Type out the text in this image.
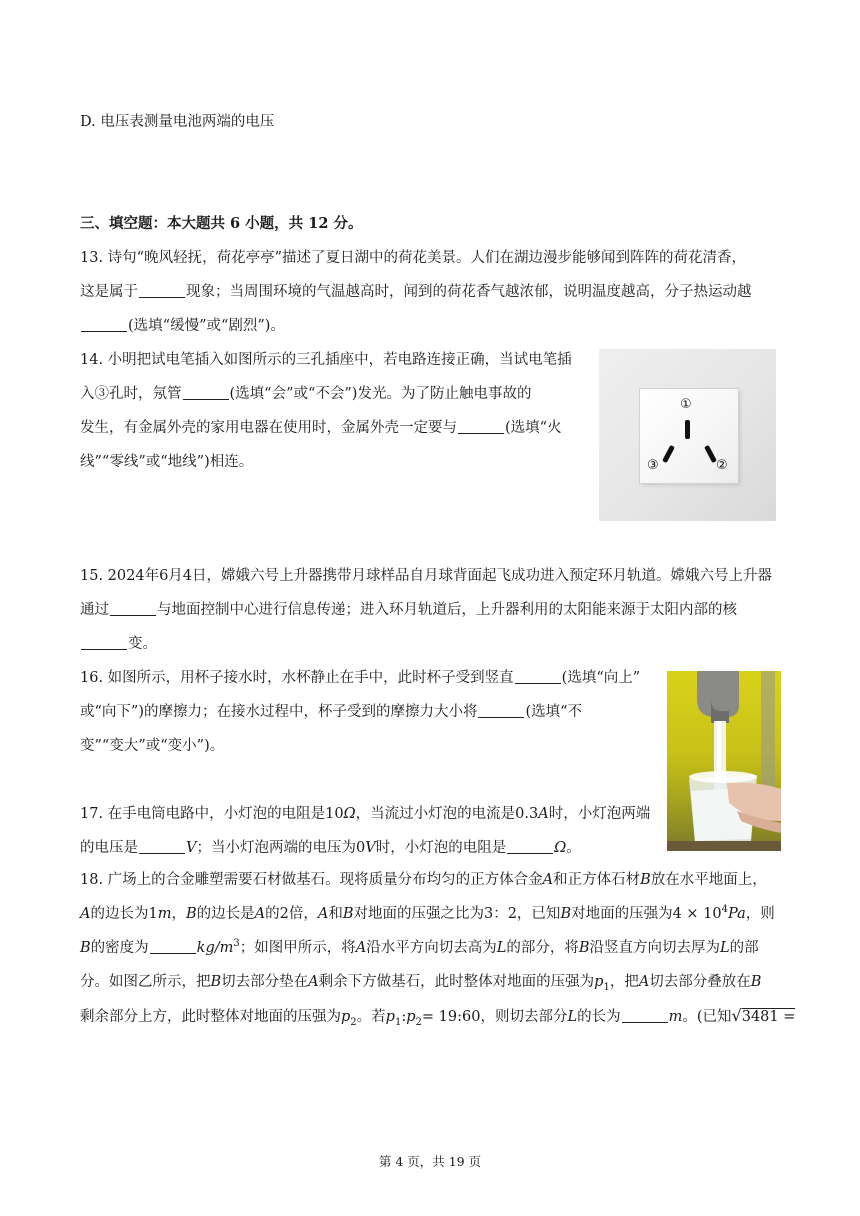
D. 电压表测量电池两端的电压
三、填空题：本大题共 6 小题，共 12 分。
13. 诗句“晚风轻抚，荷花亭亭”描述了夏日湖中的荷花美景。人们在湖边漫步能够闻到阵阵的荷花清香，
这是属于	现象；当周围环境的气温越高时，闻到的荷花香气越浓郁，说明温度越高，分子热运动越
(选填“缓慢”或“剧烈”)。
14. 小明把试电笔插入如图所示的三孔插座中，若电路连接正确，当试电笔插
入③孔时，氖管	(选填“会”或“不会”)发光。为了防止触电事故的
发生，有金属外壳的家用电器在使用时，金属外壳一定要与	(选填“火
线”“零线”或“地线”)相连。
①
③	②
15. 2024年6月4日，嫦娥六号上升器携带月球样品自月球背面起飞成功进入预定环月轨道。嫦娥六号上升器
通过	与地面控制中心进行信息传递；进入环月轨道后，上升器利用的太阳能来源于太阳内部的核
变。
16. 如图所示，用杯子接水时，水杯静止在手中，此时杯子受到竖直	(选填“向上”
或“向下”)的摩擦力；在接水过程中，杯子受到的摩擦力大小将	(选填“不
变”“变大”或“变小”)。
17. 在手电筒电路中，小灯泡的电阻是10Ω，当流过小灯泡的电流是0.3A时，小灯泡两端
的电压是	V；当小灯泡两端的电压为0V时，小灯泡的电阻是	Ω。
18. 广场上的合金雕塑需要石材做基石。现将质量分布均匀的正方体合金A和正方体石材B放在水平地面上，
A的边长为1m，B的边长是A的2倍，A和B对地面的压强之比为3：2，已知B对地面的压强为$4 \times 10^4Pa$，则
B的密度为	$kg/m^3$；如图甲所示，将A沿水平方向切去高为L的部分，将B沿竖直方向切去厚为L的部
分。如图乙所示，把B切去部分垫在A剩余下方做基石，此时整体对地面的压强为$p_1$，把A切去部分叠放在B
剩余部分上方，此时整体对地面的压强为$p_2$。若$p_1:p_2=$ 19:60，则切去部分L的长为	m。(已知√3481 =
第 4 页，共 19 页
